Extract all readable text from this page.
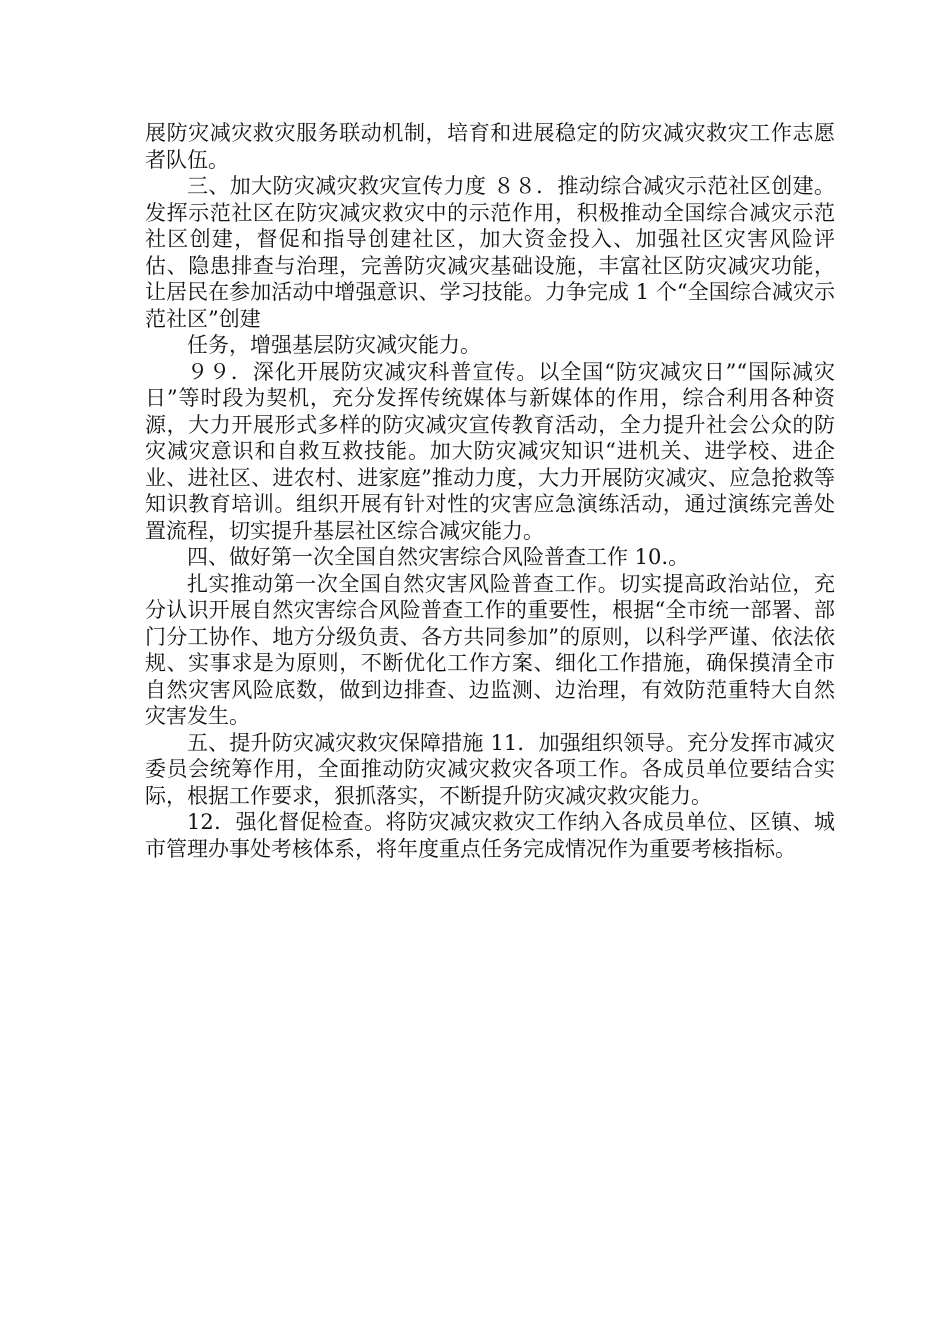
展防灾减灾救灾服务联动机制，培育和进展稳定的防灾减灾救灾工作志愿者队伍。

三、加大防灾减灾救灾宣传力度 ８８．推动综合减灾示范社区创建。发挥示范社区在防灾减灾救灾中的示范作用，积极推动全国综合减灾示范社区创建，督促和指导创建社区，加大资金投入、加强社区灾害风险评估、隐患排查与治理，完善防灾减灾基础设施，丰富社区防灾减灾功能，让居民在参加活动中增强意识、学习技能。力争完成 1 个“全国综合减灾示范社区”创建

任务，增强基层防灾减灾能力。

９９．深化开展防灾减灾科普宣传。以全国“防灾减灾日”“国际减灾日”等时段为契机，充分发挥传统媒体与新媒体的作用，综合利用各种资源，大力开展形式多样的防灾减灾宣传教育活动，全力提升社会公众的防灾减灾意识和自救互救技能。加大防灾减灾知识“进机关、进学校、进企业、进社区、进农村、进家庭”推动力度，大力开展防灾减灾、应急抢救等知识教育培训。组织开展有针对性的灾害应急演练活动，通过演练完善处置流程，切实提升基层社区综合减灾能力。

四、做好第一次全国自然灾害综合风险普查工作 10.。

扎实推动第一次全国自然灾害风险普查工作。切实提高政治站位，充分认识开展自然灾害综合风险普查工作的重要性，根据“全市统一部署、部门分工协作、地方分级负责、各方共同参加”的原则，以科学严谨、依法依规、实事求是为原则，不断优化工作方案、细化工作措施，确保摸清全市自然灾害风险底数，做到边排查、边监测、边治理，有效防范重特大自然灾害发生。

五、提升防灾减灾救灾保障措施 11．加强组织领导。充分发挥市减灾委员会统筹作用，全面推动防灾减灾救灾各项工作。各成员单位要结合实际，根据工作要求，狠抓落实，不断提升防灾减灾救灾能力。

12．强化督促检查。将防灾减灾救灾工作纳入各成员单位、区镇、城市管理办事处考核体系，将年度重点任务完成情况作为重要考核指标。
